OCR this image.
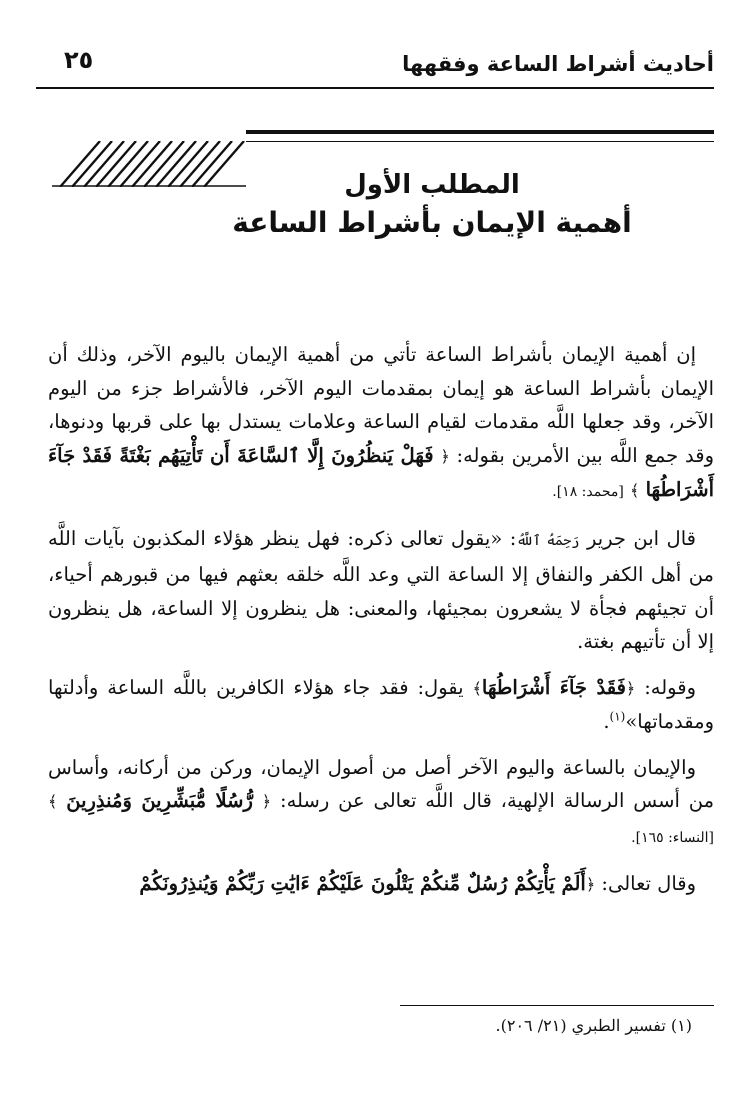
أحاديث أشراط الساعة وفقهها
٢٥
المطلب الأول
أهمية الإيمان بأشراط الساعة

إن أهمية الإيمان بأشراط الساعة تأتي من أهمية الإيمان باليوم الآخر، وذلك أن الإيمان بأشراط الساعة هو إيمان بمقدمات اليوم الآخر، فالأشراط جزء من اليوم الآخر، وقد جعلها اللَّه مقدمات لقيام الساعة وعلامات يستدل بها على قربها ودنوها، وقد جمع اللَّه بين الأمرين بقوله: ﴿ فَهَلْ يَنظُرُونَ إِلَّا ٱلسَّاعَةَ أَن تَأْتِيَهُم بَغْتَةً فَقَدْ جَآءَ أَشْرَاطُهَا ﴾ [محمد: ١٨].

قال ابن جرير رَحِمَهُ ٱللَّهُ: «يقول تعالى ذكره: فهل ينظر هؤلاء المكذبون بآيات اللَّه من أهل الكفر والنفاق إلا الساعة التي وعد اللَّه خلقه بعثهم فيها من قبورهم أحياء، أن تجيئهم فجأة لا يشعرون بمجيئها، والمعنى: هل ينظرون إلا الساعة، هل ينظرون إلا أن تأتيهم بغتة.

وقوله: ﴿فَقَدْ جَآءَ أَشْرَاطُهَا﴾ يقول: فقد جاء هؤلاء الكافرين باللَّه الساعة وأدلتها ومقدماتها»$^{(١)}$.

والإيمان بالساعة واليوم الآخر أصل من أصول الإيمان، وركن من أركانه، وأساس من أسس الرسالة الإلهية، قال اللَّه تعالى عن رسله: ﴿ رُّسُلًا مُّبَشِّرِينَ وَمُنذِرِينَ ﴾ [النساء: ١٦٥].

وقال تعالى: ﴿أَلَمْ يَأْتِكُمْ رُسُلٌ مِّنكُمْ يَتْلُونَ عَلَيْكُمْ ءَايَٰتِ رَبِّكُمْ وَيُنذِرُونَكُمْ

(١) تفسير الطبري (٢١/ ٢٠٦).
